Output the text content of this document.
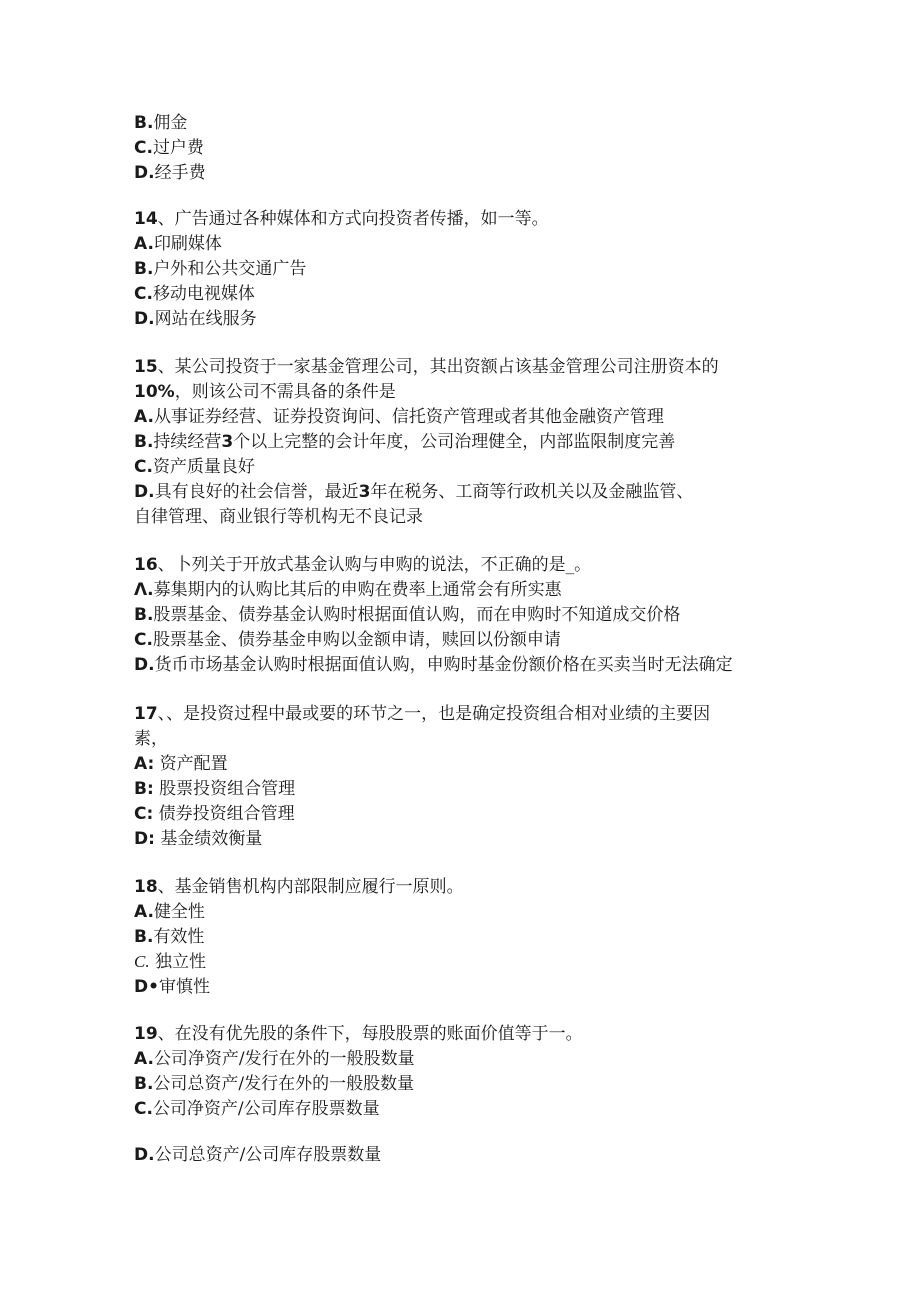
B.佣金
C.过户费
D.经手费
14、广告通过各种媒体和方式向投资者传播，如一等。
A.印刷媒体
B.户外和公共交通广告
C.移动电视媒体
D.网站在线服务
15、某公司投资于一家基金管理公司，其出资额占该基金管理公司注册资本的
10%，则该公司不需具备的条件是
A.从事证券经营、证券投资询问、信托资产管理或者其他金融资产管理
B.持续经营3个以上完整的会计年度，公司治理健全，内部监限制度完善
C.资产质量良好
D.具有良好的社会信誉，最近3年在税务、工商等行政机关以及金融监管、
自律管理、商业银行等机构无不良记录
16、卜列关于开放式基金认购与申购的说法，不正确的是_。
Λ.募集期内的认购比其后的申购在费率上通常会有所实惠
B.股票基金、债券基金认购时根据面值认购，而在申购时不知道成交价格
C.股票基金、债券基金申购以金额申请，赎回以份额申请
D.货币市场基金认购时根据面值认购，申购时基金份额价格在买卖当时无法确定
17、、是投资过程中最或要的环节之一，也是确定投资组合相对业绩的主要因
素，
A: 资产配置
B: 股票投资组合管理
C: 债券投资组合管理
D: 基金绩效衡量
18、基金销售机构内部限制应履行一原则。
A.健全性
B.有效性
C. 独立性
D•审慎性
19、在没有优先股的条件下，每股股票的账面价值等于一。
A.公司净资产/发行在外的一般股数量
B.公司总资产/发行在外的一般股数量
C.公司净资产/公司库存股票数量
D.公司总资产/公司库存股票数量
